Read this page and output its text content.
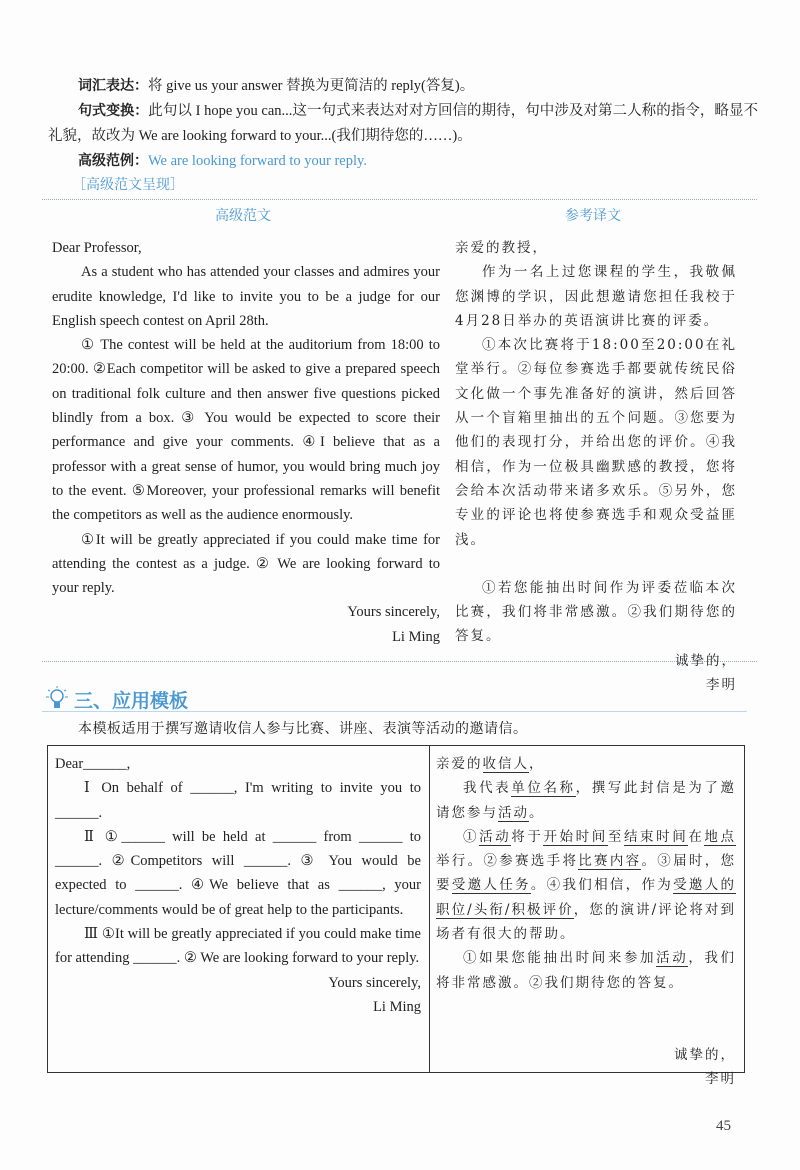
词汇表达：将 give us your answer 替换为更简洁的 reply(答复)。
句式变换：此句以 I hope you can...这一句式来表达对对方回信的期待，句中涉及对第二人称的指令，略显不礼貌，故改为 We are looking forward to your...(我们期待您的……)。
高级范例：We are looking forward to your reply.
［高级范文呈现］
高级范文	参考译文

Dear Professor,

As a student who has attended your classes and admires your erudite knowledge, I'd like to invite you to be a judge for our English speech contest on April 28th.

① The contest will be held at the auditorium from 18:00 to 20:00. ②Each competitor will be asked to give a prepared speech on traditional folk culture and then answer five questions picked blindly from a box. ③ You would be expected to score their performance and give your comments. ④I believe that as a professor with a great sense of humor, you would bring much joy to the event. ⑤Moreover, your professional remarks will benefit the competitors as well as the audience enormously.

①It will be greatly appreciated if you could make time for attending the contest as a judge. ② We are looking forward to your reply.

Yours sincerely,

Li Ming

亲爱的教授，

作为一名上过您课程的学生，我敬佩您渊博的学识，因此想邀请您担任我校于4月28日举办的英语演讲比赛的评委。

①本次比赛将于18:00至20:00在礼堂举行。②每位参赛选手都要就传统民俗文化做一个事先准备好的演讲，然后回答从一个盲箱里抽出的五个问题。③您要为他们的表现打分，并给出您的评价。④我相信，作为一位极具幽默感的教授，您将会给本次活动带来诸多欢乐。⑤另外，您专业的评论也将使参赛选手和观众受益匪浅。

①若您能抽出时间作为评委莅临本次比赛，我们将非常感激。②我们期待您的答复。

诚挚的，

李明

三、应用模板
本模板适用于撰写邀请收信人参与比赛、讲座、表演等活动的邀请信。

Dear______,

Ⅰ On behalf of ______, I'm writing to invite you to ______.

Ⅱ ①______ will be held at ______ from ______ to ______. ②Competitors will ______. ③ You would be expected to ______. ④We believe that as ______, your lecture/comments would be of great help to the participants.

Ⅲ ①It will be greatly appreciated if you could make time for attending ______. ② We are looking forward to your reply.

Yours sincerely,

Li Ming

亲爱的收信人，

我代表单位名称，撰写此封信是为了邀请您参与活动。

①活动将于开始时间至结束时间在地点举行。②参赛选手将比赛内容。③届时，您要受邀人任务。④我们相信，作为受邀人的职位/头衔/积极评价，您的演讲/评论将对到场者有很大的帮助。

①如果您能抽出时间来参加活动，我们将非常感激。②我们期待您的答复。

诚挚的，

李明

45
